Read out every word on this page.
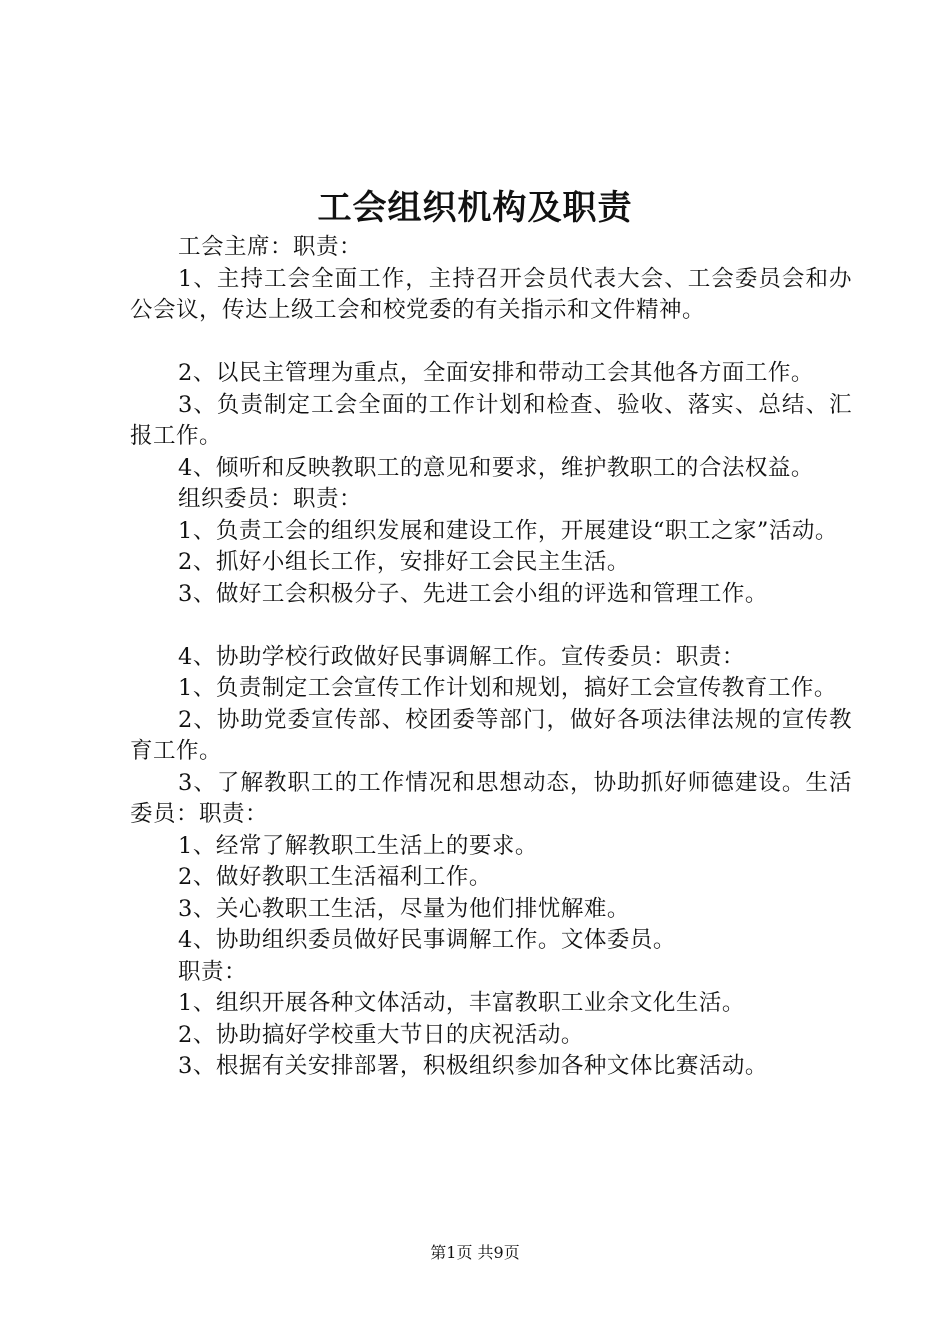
工会组织机构及职责

工会主席：职责：

1、主持工会全面工作，主持召开会员代表大会、工会委员会和办公会议，传达上级工会和校党委的有关指示和文件精神。

2、以民主管理为重点，全面安排和带动工会其他各方面工作。

3、负责制定工会全面的工作计划和检查、验收、落实、总结、汇报工作。

4、倾听和反映教职工的意见和要求，维护教职工的合法权益。

组织委员：职责：

1、负责工会的组织发展和建设工作，开展建设“职工之家”活动。

2、抓好小组长工作，安排好工会民主生活。

3、做好工会积极分子、先进工会小组的评选和管理工作。

4、协助学校行政做好民事调解工作。宣传委员：职责：

1、负责制定工会宣传工作计划和规划，搞好工会宣传教育工作。

2、协助党委宣传部、校团委等部门，做好各项法律法规的宣传教育工作。

3、了解教职工的工作情况和思想动态，协助抓好师德建设。生活委员：职责：

1、经常了解教职工生活上的要求。

2、做好教职工生活福利工作。

3、关心教职工生活，尽量为他们排忧解难。

4、协助组织委员做好民事调解工作。文体委员。

职责：

1、组织开展各种文体活动，丰富教职工业余文化生活。

2、协助搞好学校重大节日的庆祝活动。

3、根据有关安排部署，积极组织参加各种文体比赛活动。

第1页 共9页
